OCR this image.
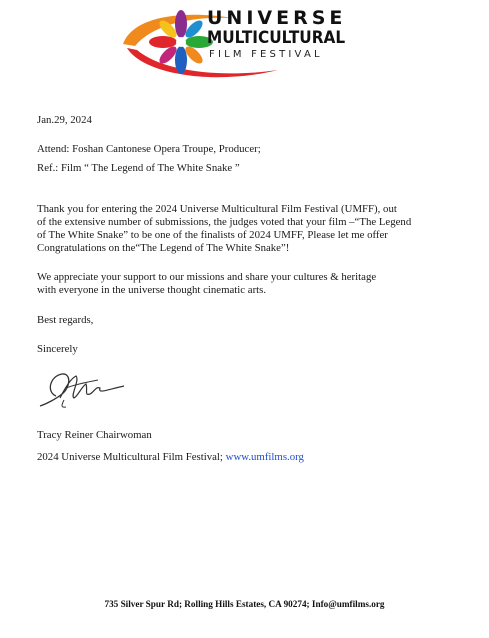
UNIVERSE
MULTICULTURAL
FILM FESTIVAL
Jan.29, 2024
Attend: Foshan Cantonese Opera Troupe, Producer;
Ref.: Film “ The Legend of The White Snake ”
Thank you for entering the 2024 Universe Multicultural Film Festival (UMFF), out
of the extensive number of submissions, the judges voted that your film –“The Legend
of The White Snake” to be one of the finalists of 2024 UMFF, Please let me offer
Congratulations on the“The Legend of The White Snake”!
We appreciate your support to our missions and share your cultures & heritage
with everyone in the universe thought cinematic arts.
Best regards,
Sincerely
Tracy Reiner Chairwoman
2024 Universe Multicultural Film Festival; www.umfilms.org
735 Silver Spur Rd; Rolling Hills Estates, CA 90274; Info@umfilms.org
